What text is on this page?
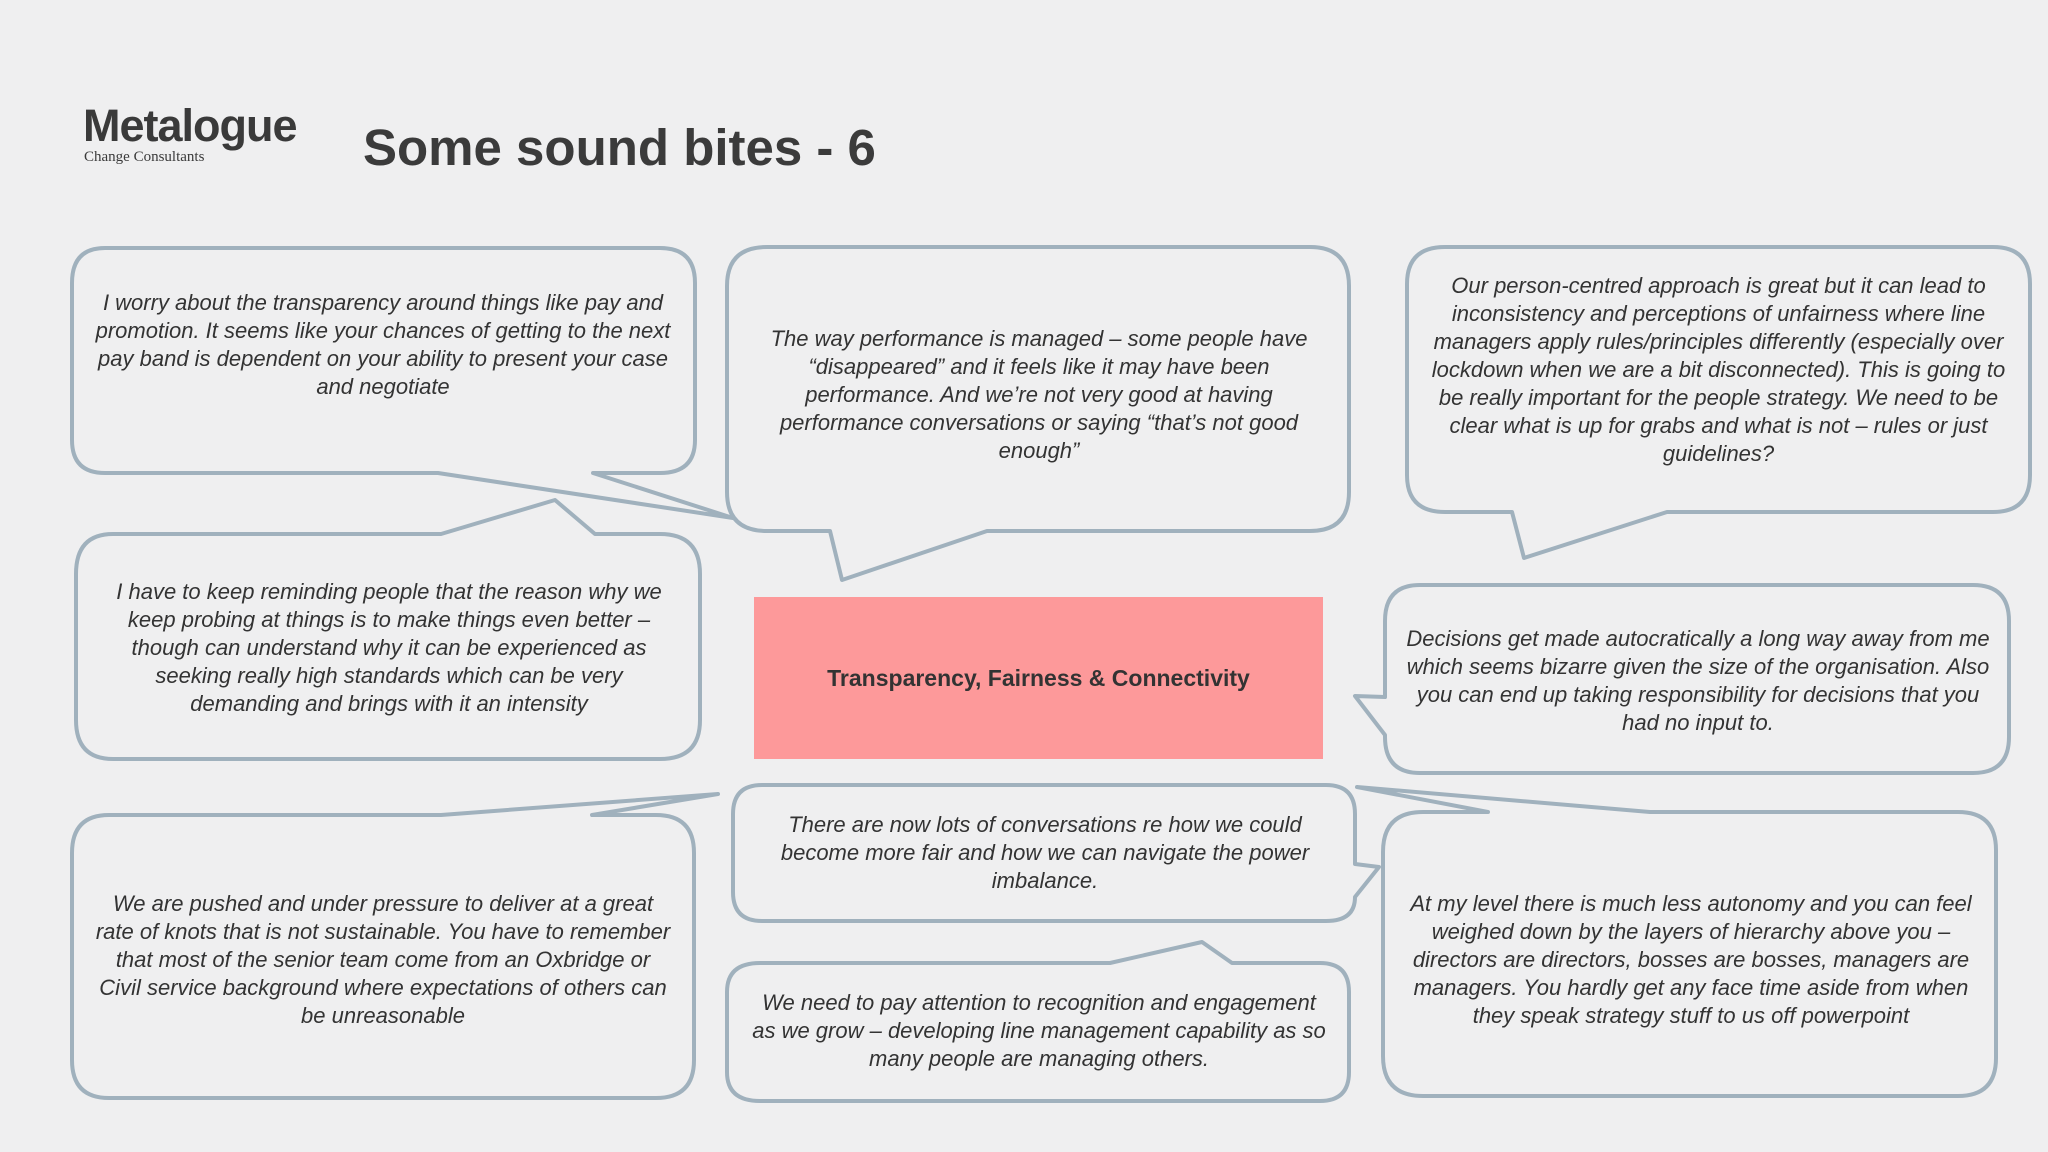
Metalogue
Change Consultants	Some sound bites - 6
Transparency, Fairness & Connectivity
I worry about the transparency around things like pay and promotion. It seems like your chances of getting to the next pay band is dependent on your ability to present your case and negotiate
The way performance is managed – some people have “disappeared” and it feels like it may have been performance. And we’re not very good at having performance conversations or saying “that’s not good enough”
Our person-centred approach is great but it can lead to inconsistency and perceptions of unfairness where line managers apply rules/principles differently (especially over lockdown when we are a bit disconnected). This is going to be really important for the people strategy. We need to be clear what is up for grabs and what is not – rules or just guidelines?
I have to keep reminding people that the reason why we keep probing at things is to make things even better – though can understand why it can be experienced as seeking really high standards which can be very demanding and brings with it an intensity
Decisions get made autocratically a long way away from me which seems bizarre given the size of the organisation. Also you can end up taking responsibility for decisions that you had no input to.
We are pushed and under pressure to deliver at a great rate of knots that is not sustainable. You have to remember that most of the senior team come from an Oxbridge or Civil service background where expectations of others can be unreasonable
There are now lots of conversations re how we could become more fair and how we can navigate the power imbalance.
At my level there is much less autonomy and you can feel weighed down by the layers of hierarchy above you – directors are directors, bosses are bosses, managers are managers. You hardly get any face time aside from when they speak strategy stuff to us off powerpoint
We need to pay attention to recognition and engagement as we grow – developing line management capability as so many people are managing others.
